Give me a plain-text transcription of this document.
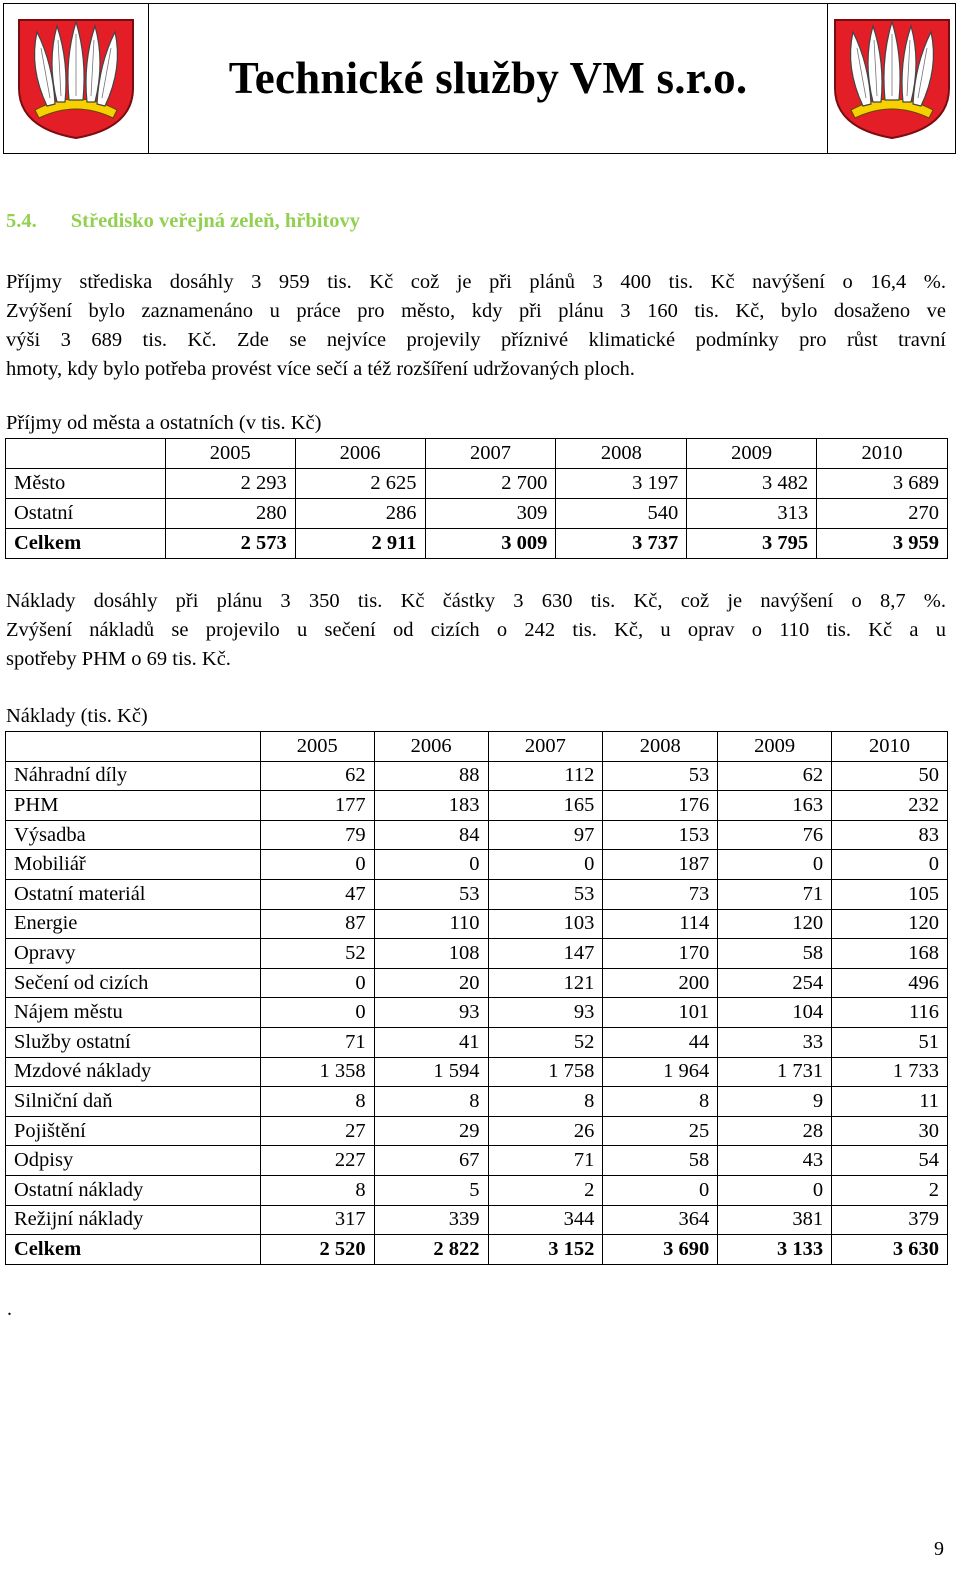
Technické služby VM s.r.o.
5.4. Středisko veřejná zeleň, hřbitovy

Příjmy střediska dosáhly 3 959 tis. Kč což je při plánů 3 400 tis. Kč navýšení o 16,4 %.
Zvýšení bylo zaznamenáno u práce pro město, kdy při plánu 3 160 tis. Kč, bylo dosaženo ve
výši 3 689 tis. Kč. Zde se nejvíce projevily příznivé klimatické podmínky pro růst travní
hmoty, kdy bylo potřeba provést více sečí a též rozšíření udržovaných ploch.

Příjmy od města a ostatních (v tis. Kč)
	2005	2006	2007	2008	2009	2010
Město	2 293	2 625	2 700	3 197	3 482	3 689
Ostatní	280	286	309	540	313	270
Celkem	2 573	2 911	3 009	3 737	3 795	3 959

Náklady dosáhly při plánu 3 350 tis. Kč částky 3 630 tis. Kč, což je navýšení o 8,7 %.
Zvýšení nákladů se projevilo u sečení od cizích o 242 tis. Kč, u oprav o 110 tis. Kč a u
spotřeby PHM o 69 tis. Kč.

Náklady (tis. Kč)
	2005	2006	2007	2008	2009	2010
Náhradní díly	62	88	112	53	62	50
PHM	177	183	165	176	163	232
Výsadba	79	84	97	153	76	83
Mobiliář	0	0	0	187	0	0
Ostatní materiál	47	53	53	73	71	105
Energie	87	110	103	114	120	120
Opravy	52	108	147	170	58	168
Sečení od cizích	0	20	121	200	254	496
Nájem městu	0	93	93	101	104	116
Služby ostatní	71	41	52	44	33	51
Mzdové náklady	1 358	1 594	1 758	1 964	1 731	1 733
Silniční daň	8	8	8	8	9	11
Pojištění	27	29	26	25	28	30
Odpisy	227	67	71	58	43	54
Ostatní náklady	8	5	2	0	0	2
Režijní náklady	317	339	344	364	381	379
Celkem	2 520	2 822	3 152	3 690	3 133	3 630
.
9
